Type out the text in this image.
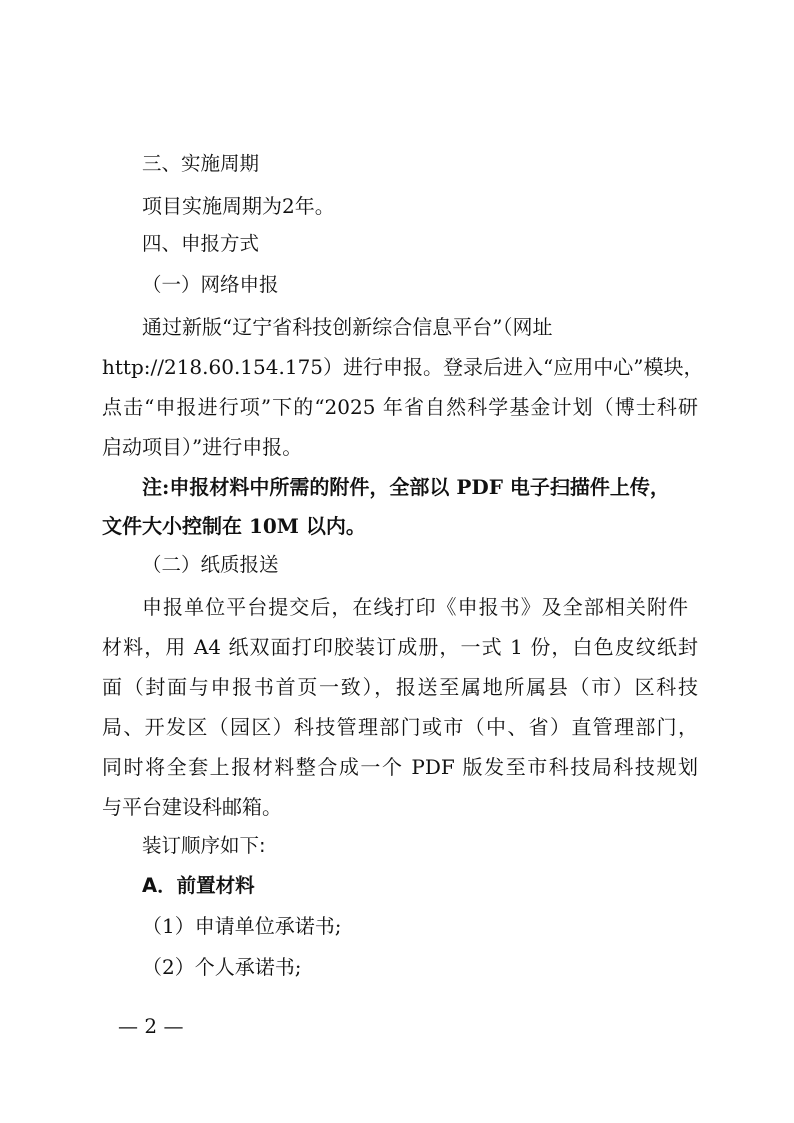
三、实施周期
项目实施周期为2年。
四、申报方式
（一）网络申报
通过新版“辽宁省科技创新综合信息平台”（网址
http://218.60.154.175）进行申报。登录后进入“应用中心”模块，
点击“申报进行项”下的“2025 年省自然科学基金计划（博士科研
启动项目）”进行申报。
注:申报材料中所需的附件，全部以 PDF 电子扫描件上传，
文件大小控制在 10M 以内。
（二）纸质报送
申报单位平台提交后，在线打印《申报书》及全部相关附件
材料，用 A4 纸双面打印胶装订成册，一式 1 份，白色皮纹纸封
面（封面与申报书首页一致），报送至属地所属县（市）区科技
局、开发区（园区）科技管理部门或市（中、省）直管理部门，
同时将全套上报材料整合成一个 PDF 版发至市科技局科技规划
与平台建设科邮箱。
装订顺序如下:
A．前置材料
（1）申请单位承诺书;
（2）个人承诺书;
— 2 —
